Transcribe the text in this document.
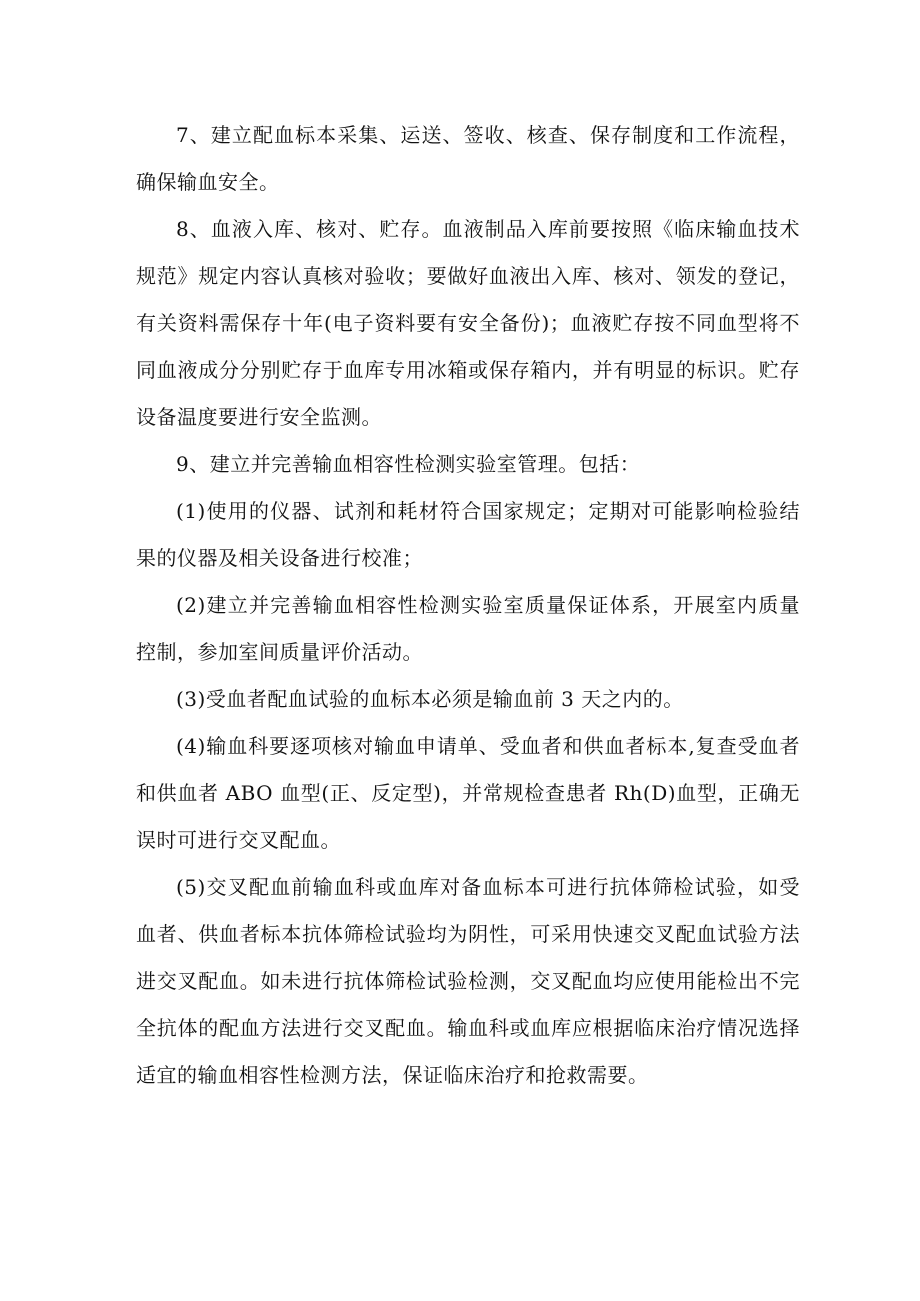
7、建立配血标本采集、运送、签收、核查、保存制度和工作流程，确保输血安全。

8、血液入库、核对、贮存。血液制品入库前要按照《临床输血技术规范》规定内容认真核对验收；要做好血液出入库、核对、领发的登记，有关资料需保存十年(电子资料要有安全备份)；血液贮存按不同血型将不同血液成分分别贮存于血库专用冰箱或保存箱内，并有明显的标识。贮存设备温度要进行安全监测。

9、建立并完善输血相容性检测实验室管理。包括：

(1)使用的仪器、试剂和耗材符合国家规定；定期对可能影响检验结果的仪器及相关设备进行校准；

(2)建立并完善输血相容性检测实验室质量保证体系，开展室内质量控制，参加室间质量评价活动。

(3)受血者配血试验的血标本必须是输血前 3 天之内的。

(4)输血科要逐项核对输血申请单、受血者和供血者标本,复查受血者和供血者 ABO 血型(正、反定型)，并常规检查患者 Rh(D)血型，正确无误时可进行交叉配血。

(5)交叉配血前输血科或血库对备血标本可进行抗体筛检试验，如受血者、供血者标本抗体筛检试验均为阴性，可采用快速交叉配血试验方法进交叉配血。如未进行抗体筛检试验检测，交叉配血均应使用能检出不完全抗体的配血方法进行交叉配血。输血科或血库应根据临床治疗情况选择适宜的输血相容性检测方法，保证临床治疗和抢救需要。
